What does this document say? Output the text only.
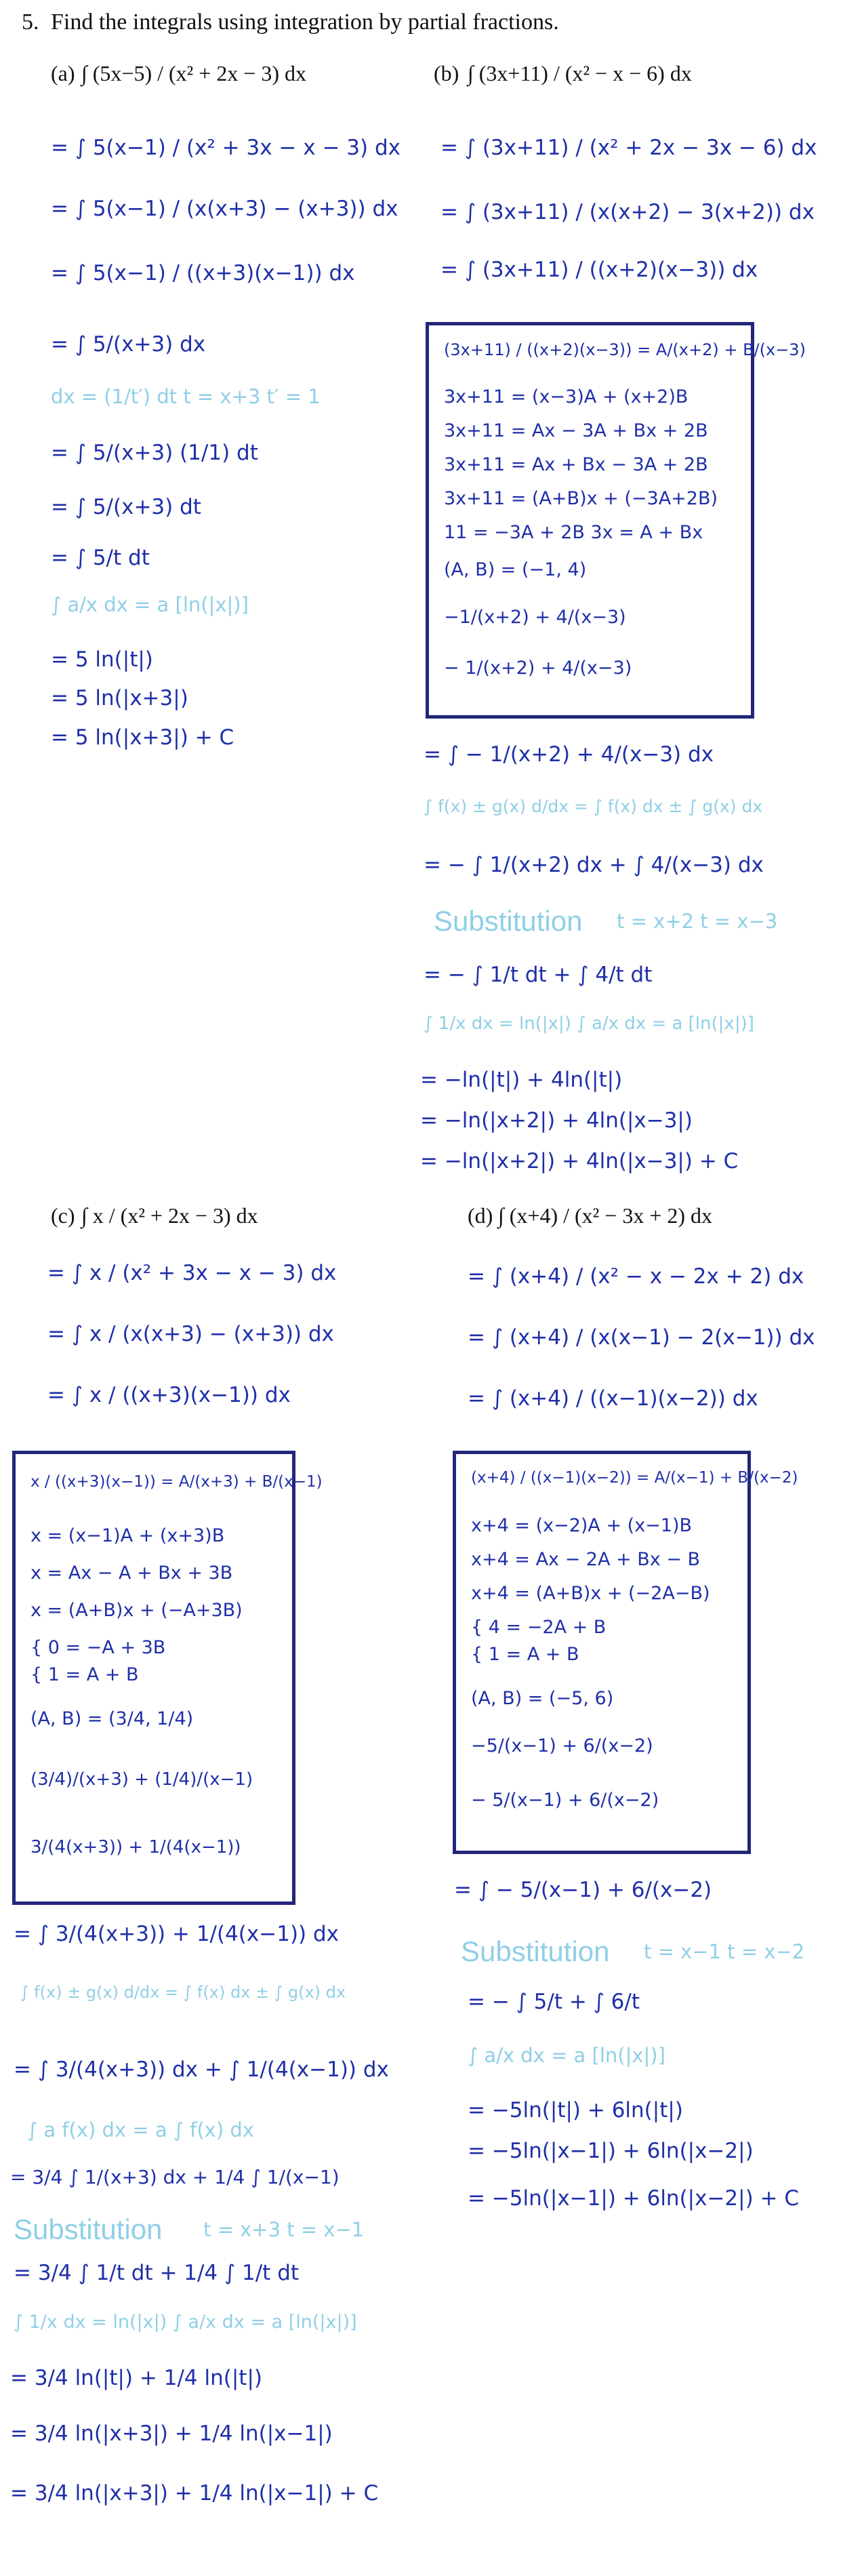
5. Find the integrals using integration by partial fractions.
(a) ∫ (5x−5) / (x² + 2x − 3) dx
= ∫ 5(x−1) / (x² + 3x − x − 3) dx
= ∫ 5(x−1) / (x(x+3) − (x+3)) dx
= ∫ 5(x−1) / ((x+3)(x−1)) dx
= ∫ 5/(x+3) dx
dx = (1/t′) dt t = x+3 t′ = 1
= ∫ 5/(x+3) (1/1) dt
= ∫ 5/(x+3) dt
= ∫ 5/t dt
∫ a/x dx = a [ln(|x|)]
= 5 ln(|t|)
= 5 ln(|x+3|)
= 5 ln(|x+3|) + C
(b) ∫ (3x+11) / (x² − x − 6) dx
= ∫ (3x+11) / (x² + 2x − 3x − 6) dx
= ∫ (3x+11) / (x(x+2) − 3(x+2)) dx
= ∫ (3x+11) / ((x+2)(x−3)) dx
(3x+11) / ((x+2)(x−3)) = A/(x+2) + B/(x−3)
3x+11 = (x−3)A + (x+2)B
3x+11 = Ax − 3A + Bx + 2B
3x+11 = Ax + Bx − 3A + 2B
3x+11 = (A+B)x + (−3A+2B)
11 = −3A + 2B 3x = A + Bx
(A, B) = (−1, 4)
−1/(x+2) + 4/(x−3)
− 1/(x+2) + 4/(x−3)
= ∫ − 1/(x+2) + 4/(x−3) dx
∫ f(x) ± g(x) d/dx = ∫ f(x) dx ± ∫ g(x) dx
= − ∫ 1/(x+2) dx + ∫ 4/(x−3) dx
Substitution t = x+2 t = x−3
= − ∫ 1/t dt + ∫ 4/t dt
∫ 1/x dx = ln(|x|) ∫ a/x dx = a [ln(|x|)]
= −ln(|t|) + 4ln(|t|)
= −ln(|x+2|) + 4ln(|x−3|)
= −ln(|x+2|) + 4ln(|x−3|) + C
(c) ∫ x / (x² + 2x − 3) dx
= ∫ x / (x² + 3x − x − 3) dx
= ∫ x / (x(x+3) − (x+3)) dx
= ∫ x / ((x+3)(x−1)) dx
x / ((x+3)(x−1)) = A/(x+3) + B/(x−1)
x = (x−1)A + (x+3)B
x = Ax − A + Bx + 3B
x = (A+B)x + (−A+3B)
{ 0 = −A + 3B
{ 1 = A + B
(A, B) = (3/4, 1/4)
(3/4)/(x+3) + (1/4)/(x−1)
3/(4(x+3)) + 1/(4(x−1))
= ∫ 3/(4(x+3)) + 1/(4(x−1)) dx
∫ f(x) ± g(x) d/dx = ∫ f(x) dx ± ∫ g(x) dx
= ∫ 3/(4(x+3)) dx + ∫ 1/(4(x−1)) dx
∫ a f(x) dx = a ∫ f(x) dx
= 3/4 ∫ 1/(x+3) dx + 1/4 ∫ 1/(x−1)
Substitution t = x+3 t = x−1
= 3/4 ∫ 1/t dt + 1/4 ∫ 1/t dt
∫ 1/x dx = ln(|x|) ∫ a/x dx = a [ln(|x|)]
= 3/4 ln(|t|) + 1/4 ln(|t|)
= 3/4 ln(|x+3|) + 1/4 ln(|x−1|)
= 3/4 ln(|x+3|) + 1/4 ln(|x−1|) + C
(d) ∫ (x+4) / (x² − 3x + 2) dx
= ∫ (x+4) / (x² − x − 2x + 2) dx
= ∫ (x+4) / (x(x−1) − 2(x−1)) dx
= ∫ (x+4) / ((x−1)(x−2)) dx
(x+4) / ((x−1)(x−2)) = A/(x−1) + B/(x−2)
x+4 = (x−2)A + (x−1)B
x+4 = Ax − 2A + Bx − B
x+4 = (A+B)x + (−2A−B)
{ 4 = −2A + B
{ 1 = A + B
(A, B) = (−5, 6)
−5/(x−1) + 6/(x−2)
− 5/(x−1) + 6/(x−2)
= ∫ − 5/(x−1) + 6/(x−2)
Substitution t = x−1 t = x−2
= − ∫ 5/t + ∫ 6/t
∫ a/x dx = a [ln(|x|)]
= −5ln(|t|) + 6ln(|t|)
= −5ln(|x−1|) + 6ln(|x−2|)
= −5ln(|x−1|) + 6ln(|x−2|) + C
